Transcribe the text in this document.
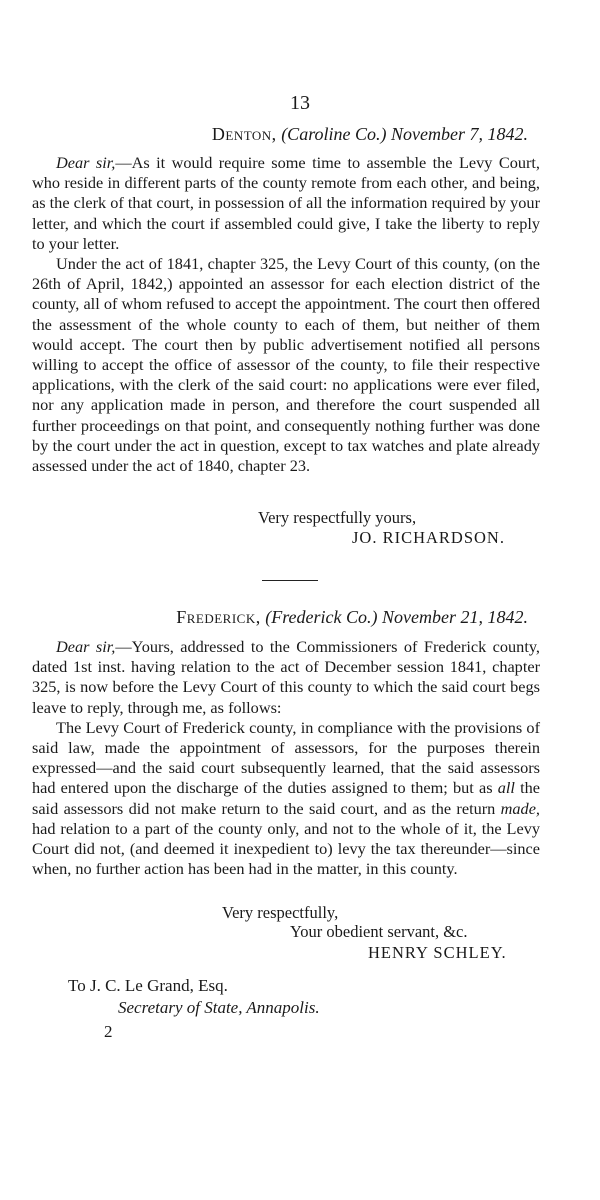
13
Denton, (Caroline Co.) November 7, 1842.

Dear sir,—As it would require some time to assemble the Levy Court, who reside in different parts of the county remote from each other, and being, as the clerk of that court, in possession of all the information required by your letter, and which the court if assembled could give, I take the liberty to reply to your letter.

Under the act of 1841, chapter 325, the Levy Court of this county, (on the 26th of April, 1842,) appointed an assessor for each election district of the county, all of whom refused to accept the appointment. The court then offered the assessment of the whole county to each of them, but neither of them would accept. The court then by public advertisement notified all persons willing to accept the office of assessor of the county, to file their respective applications, with the clerk of the said court: no applications were ever filed, nor any application made in person, and therefore the court suspended all further proceedings on that point, and consequently nothing further was done by the court under the act in question, except to tax watches and plate already assessed under the act of 1840, chapter 23.

Very respectfully yours,
JO. RICHARDSON.
Frederick, (Frederick Co.) November 21, 1842.

Dear sir,—Yours, addressed to the Commissioners of Frederick county, dated 1st inst. having relation to the act of December session 1841, chapter 325, is now before the Levy Court of this county to which the said court begs leave to reply, through me, as follows:

The Levy Court of Frederick county, in compliance with the provisions of said law, made the appointment of assessors, for the purposes therein expressed—and the said court subsequently learned, that the said assessors had entered upon the discharge of the duties assigned to them; but as all the said assessors did not make return to the said court, and as the return made, had relation to a part of the county only, and not to the whole of it, the Levy Court did not, (and deemed it inexpedient to) levy the tax thereunder—since when, no further action has been had in the matter, in this county.

Very respectfully,
Your obedient servant, &c.
HENRY SCHLEY.
To J. C. Le Grand, Esq.
Secretary of State, Annapolis.
2
